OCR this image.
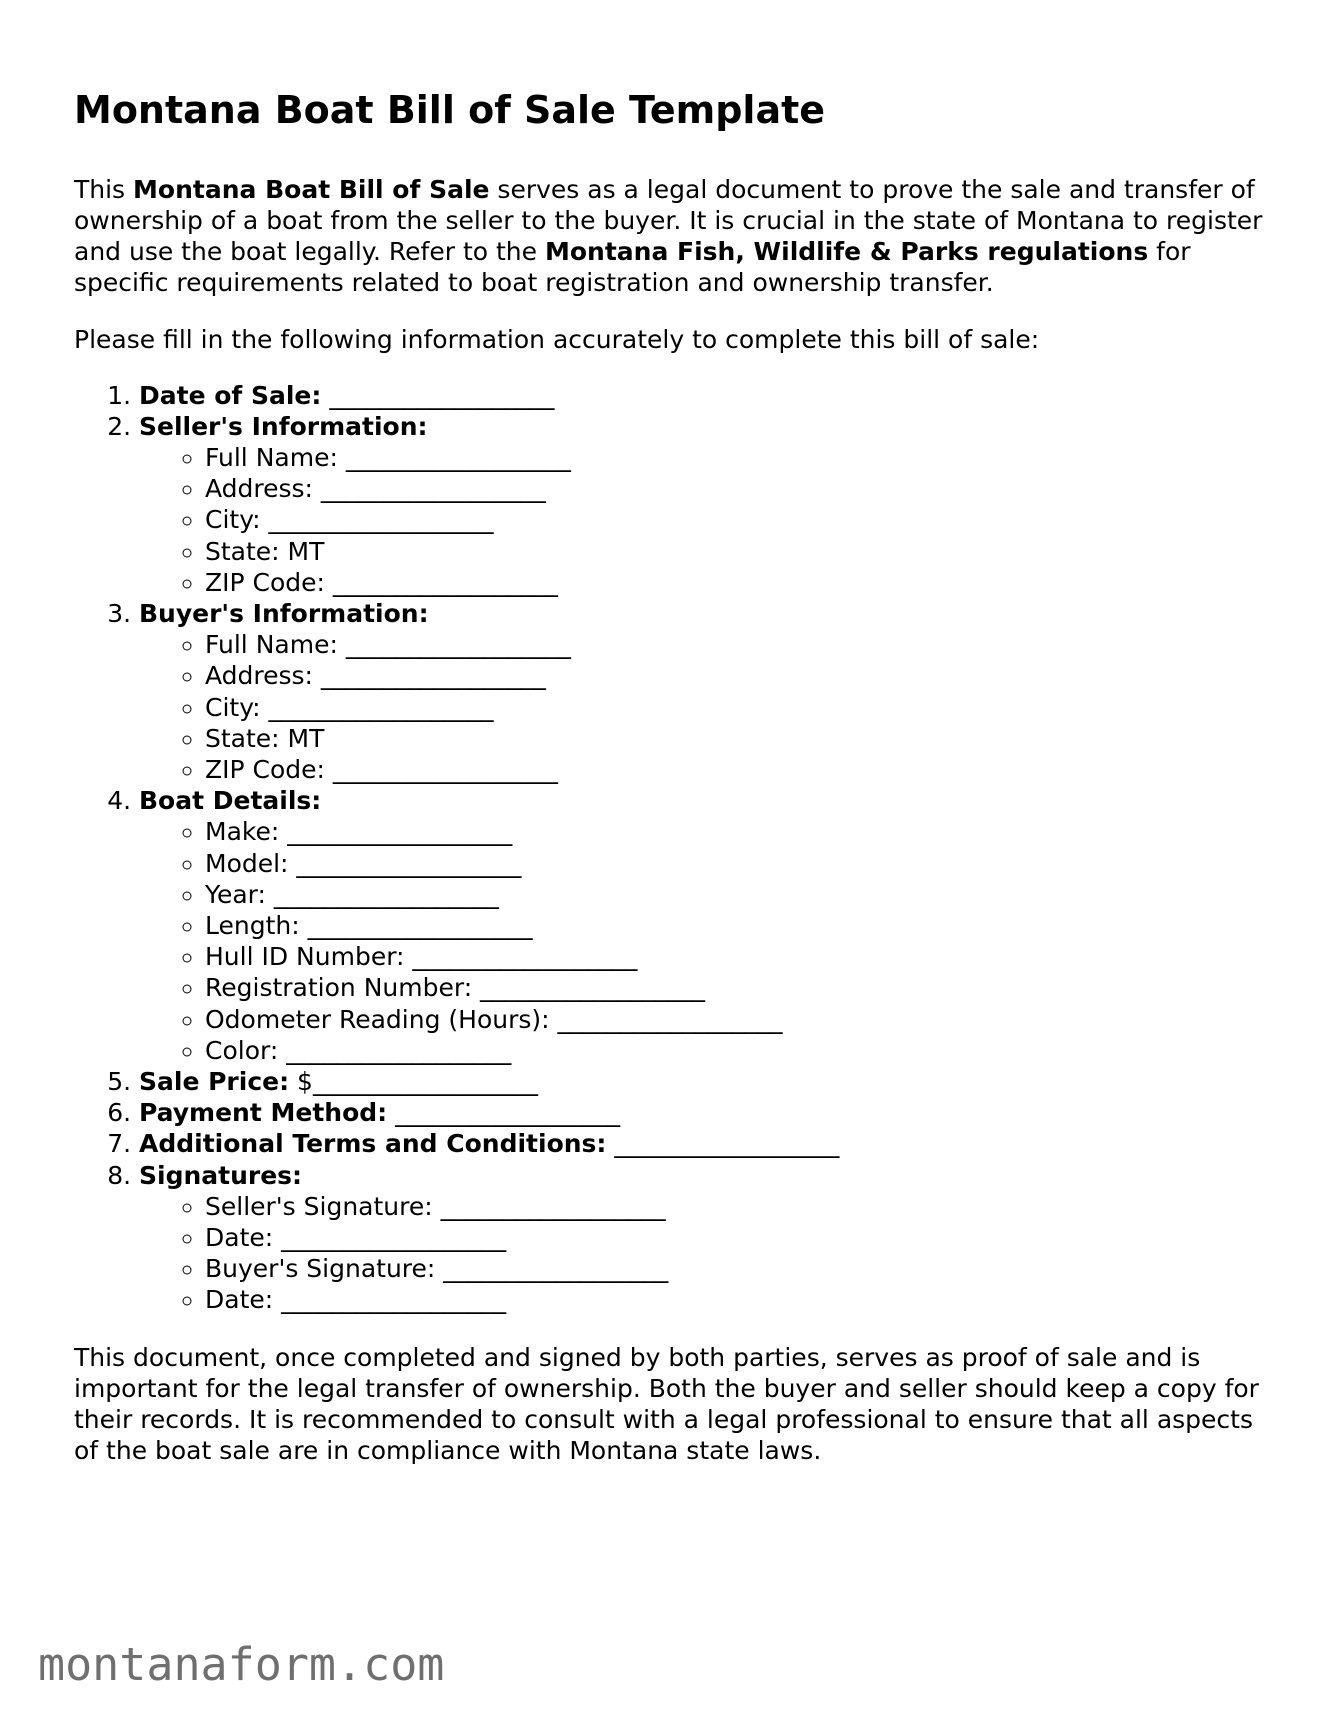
Montana Boat Bill of Sale Template

This Montana Boat Bill of Sale serves as a legal document to prove the sale and transfer of ownership of a boat from the seller to the buyer. It is crucial in the state of Montana to register and use the boat legally. Refer to the Montana Fish, Wildlife & Parks regulations for specific requirements related to boat registration and ownership transfer.

Please fill in the following information accurately to complete this bill of sale:

1. Date of Sale: __________________
2. Seller's Information:
◦ Full Name: __________________
◦ Address: __________________
◦ City: __________________
◦ State: MT
◦ ZIP Code: __________________
3. Buyer's Information:
◦ Full Name: __________________
◦ Address: __________________
◦ City: __________________
◦ State: MT
◦ ZIP Code: __________________
4. Boat Details:
◦ Make: __________________
◦ Model: __________________
◦ Year: __________________
◦ Length: __________________
◦ Hull ID Number: __________________
◦ Registration Number: __________________
◦ Odometer Reading (Hours): __________________
◦ Color: __________________
5. Sale Price: $__________________
6. Payment Method: __________________
7. Additional Terms and Conditions: __________________
8. Signatures:
◦ Seller's Signature: __________________
◦ Date: __________________
◦ Buyer's Signature: __________________
◦ Date: __________________

This document, once completed and signed by both parties, serves as proof of sale and is important for the legal transfer of ownership. Both the buyer and seller should keep a copy for their records. It is recommended to consult with a legal professional to ensure that all aspects of the boat sale are in compliance with Montana state laws.

montanaform.com
